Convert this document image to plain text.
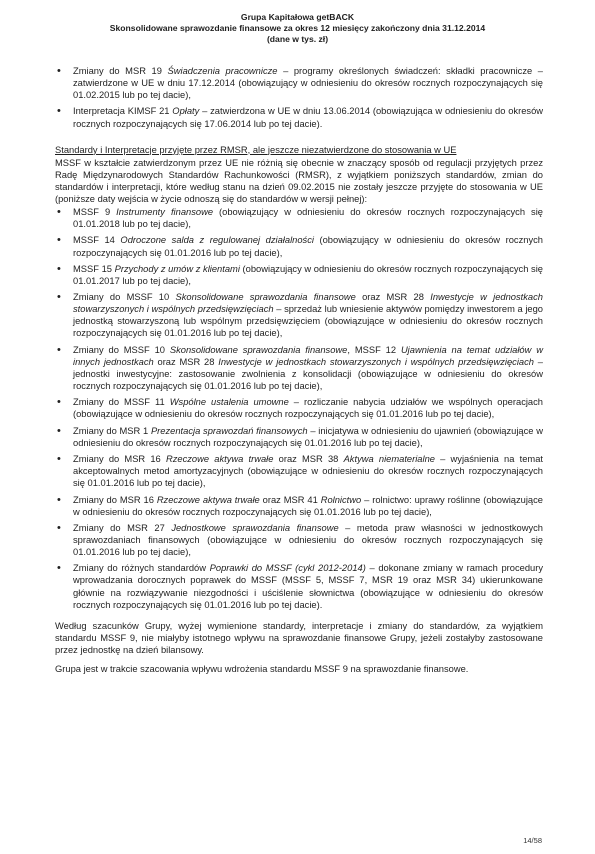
Grupa Kapitałowa getBACK
Skonsolidowane sprawozdanie finansowe za okres 12 miesięcy zakończony dnia 31.12.2014
(dane w tys. zł)
• Zmiany do MSR 19 Świadczenia pracownicze – programy określonych świadczeń: składki pracownicze – zatwierdzone w UE w dniu 17.12.2014 (obowiązujący w odniesieniu do okresów rocznych rozpoczynających się 01.02.2015 lub po tej dacie),
• Interpretacja KIMSF 21 Opłaty – zatwierdzona w UE w dniu 13.06.2014 (obowiązująca w odniesieniu do okresów rocznych rozpoczynających się 17.06.2014 lub po tej dacie).

Standardy i Interpretacje przyjęte przez RMSR, ale jeszcze niezatwierdzone do stosowania w UE

MSSF w kształcie zatwierdzonym przez UE nie różnią się obecnie w znaczący sposób od regulacji przyjętych przez Radę Międzynarodowych Standardów Rachunkowości (RMSR), z wyjątkiem poniższych standardów, zmian do standardów i interpretacji, które według stanu na dzień 09.02.2015 nie zostały jeszcze przyjęte do stosowania w UE (poniższe daty wejścia w życie odnoszą się do standardów w wersji pełnej):

• MSSF 9 Instrumenty finansowe (obowiązujący w odniesieniu do okresów rocznych rozpoczynających się 01.01.2018 lub po tej dacie),
• MSSF 14 Odroczone salda z regulowanej działalności (obowiązujący w odniesieniu do okresów rocznych rozpoczynających się 01.01.2016 lub po tej dacie),
• MSSF 15 Przychody z umów z klientami (obowiązujący w odniesieniu do okresów rocznych rozpoczynających się 01.01.2017 lub po tej dacie),
• Zmiany do MSSF 10 Skonsolidowane sprawozdania finansowe oraz MSR 28 Inwestycje w jednostkach stowarzyszonych i wspólnych przedsięwzięciach – sprzedaż lub wniesienie aktywów pomiędzy inwestorem a jego jednostką stowarzyszoną lub wspólnym przedsięwzięciem (obowiązujące w odniesieniu do okresów rocznych rozpoczynających się 01.01.2016 lub po tej dacie),
• Zmiany do MSSF 10 Skonsolidowane sprawozdania finansowe, MSSF 12 Ujawnienia na temat udziałów w innych jednostkach oraz MSR 28 Inwestycje w jednostkach stowarzyszonych i wspólnych przedsięwzięciach – jednostki inwestycyjne: zastosowanie zwolnienia z konsolidacji (obowiązujące w odniesieniu do okresów rocznych rozpoczynających się 01.01.2016 lub po tej dacie),
• Zmiany do MSSF 11 Wspólne ustalenia umowne – rozliczanie nabycia udziałów we wspólnych operacjach (obowiązujące w odniesieniu do okresów rocznych rozpoczynających się 01.01.2016 lub po tej dacie),
• Zmiany do MSR 1 Prezentacja sprawozdań finansowych – inicjatywa w odniesieniu do ujawnień (obowiązujące w odniesieniu do okresów rocznych rozpoczynających się 01.01.2016 lub po tej dacie),
• Zmiany do MSR 16 Rzeczowe aktywa trwałe oraz MSR 38 Aktywa niematerialne – wyjaśnienia na temat akceptowalnych metod amortyzacyjnych (obowiązujące w odniesieniu do okresów rocznych rozpoczynających się 01.01.2016 lub po tej dacie),
• Zmiany do MSR 16 Rzeczowe aktywa trwałe oraz MSR 41 Rolnictwo – rolnictwo: uprawy roślinne (obowiązujące w odniesieniu do okresów rocznych rozpoczynających się 01.01.2016 lub po tej dacie),
• Zmiany do MSR 27 Jednostkowe sprawozdania finansowe – metoda praw własności w jednostkowych sprawozdaniach finansowych (obowiązujące w odniesieniu do okresów rocznych rozpoczynających się 01.01.2016 lub po tej dacie),
• Zmiany do różnych standardów Poprawki do MSSF (cykl 2012-2014) – dokonane zmiany w ramach procedury wprowadzania dorocznych poprawek do MSSF (MSSF 5, MSSF 7, MSR 19 oraz MSR 34) ukierunkowane głównie na rozwiązywanie niezgodności i uściślenie słownictwa (obowiązujące w odniesieniu do okresów rocznych rozpoczynających się 01.01.2016 lub po tej dacie).

Według szacunków Grupy, wyżej wymienione standardy, interpretacje i zmiany do standardów, za wyjątkiem standardu MSSF 9, nie miałyby istotnego wpływu na sprawozdanie finansowe Grupy, jeżeli zostałyby zastosowane przez jednostkę na dzień bilansowy.

Grupa jest w trakcie szacowania wpływu wdrożenia standardu MSSF 9 na sprawozdanie finansowe.

14/58
